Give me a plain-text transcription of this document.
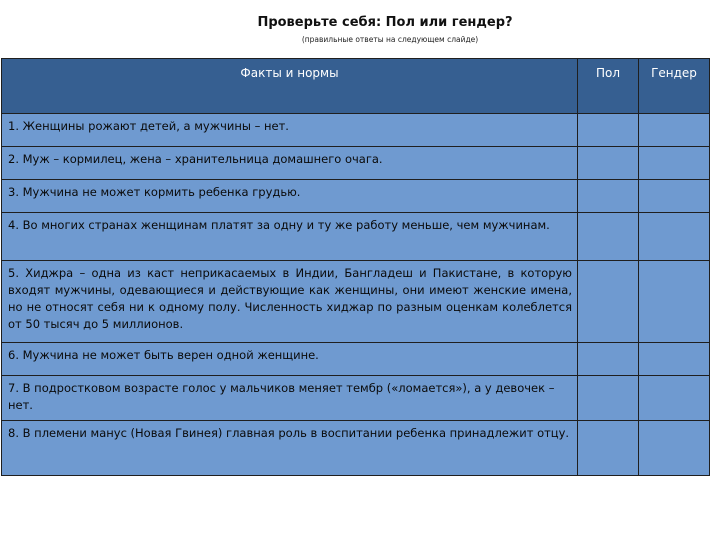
Проверьте себя: Пол или гендер?
(правильные ответы на следующем слайде)
Факты и нормы	Пол	Гендер

1. Женщины рожают детей, а мужчины – нет.		

2. Муж – кормилец, жена – хранительница домашнего очага.		

3. Мужчина не может кормить ребенка грудью.		

4. Во многих странах женщинам платят за одну и ту же работу меньше, чем мужчинам.		

5. Хиджра – одна из каст неприкасаемых в Индии, Бангладеш и Пакистане, в которую входят мужчины, одевающиеся и действующие как женщины, они имеют женские имена, но не относят себя ни к одному полу. Численность хиджар по разным оценкам колеблется от 50 тысяч до 5 миллионов.		

6. Мужчина не может быть верен одной женщине.		

7. В подростковом возрасте голос у мальчиков меняет тембр («ломается»), а у девочек – нет.		

8. В племени манус (Новая Гвинея) главная роль в воспитании ребенка принадлежит отцу.		
